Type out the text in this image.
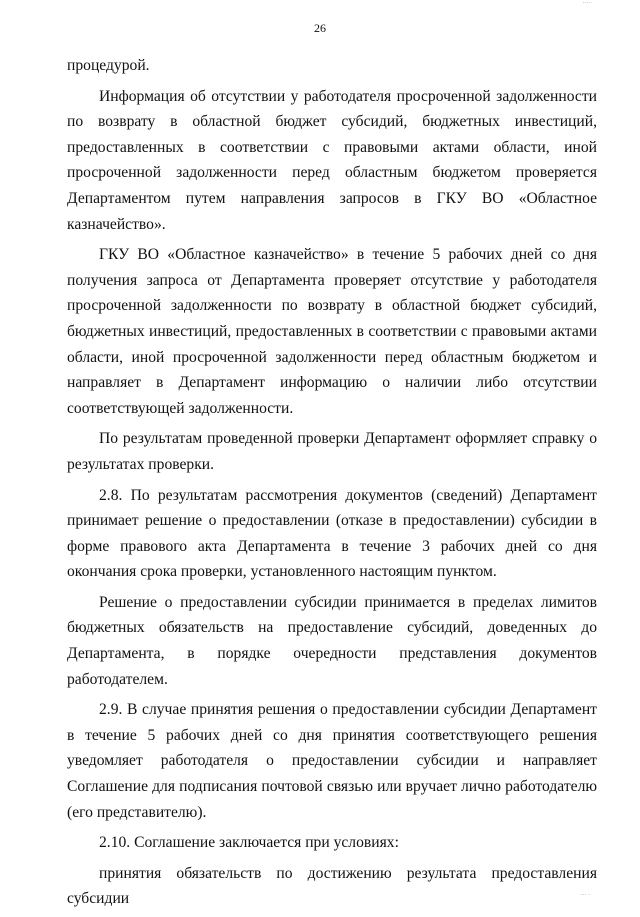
·····
26

процедурой.

Информация об отсутствии у работодателя просроченной задолженности по возврату в областной бюджет субсидий, бюджетных инвестиций, предоставленных в соответствии с правовыми актами области, иной просроченной задолженности перед областным бюджетом проверяется Департаментом путем направления запросов в ГКУ ВО «Областное казначейство».

ГКУ ВО «Областное казначейство» в течение 5 рабочих дней со дня получения запроса от Департамента проверяет отсутствие у работодателя просроченной задолженности по возврату в областной бюджет субсидий, бюджетных инвестиций, предоставленных в соответствии с правовыми актами области, иной просроченной задолженности перед областным бюджетом и направляет в Департамент информацию о наличии либо отсутствии соответствующей задолженности.

По результатам проведенной проверки Департамент оформляет справку о результатах проверки.

2.8. По результатам рассмотрения документов (сведений) Департамент принимает решение о предоставлении (отказе в предоставлении) субсидии в форме правового акта Департамента в течение 3 рабочих дней со дня окончания срока проверки, установленного настоящим пунктом.

Решение о предоставлении субсидии принимается в пределах лимитов бюджетных обязательств на предоставление субсидий, доведенных до Департамента, в порядке очередности представления документов работодателем.

2.9. В случае принятия решения о предоставлении субсидии Департамент в течение 5 рабочих дней со дня принятия соответствующего решения уведомляет работодателя о предоставлении субсидии и направляет Соглашение для подписания почтовой связью или вручает лично работодателю (его представителю).

2.10. Соглашение заключается при условиях:

принятия обязательств по достижению результата предоставления субсидии	··· ·
